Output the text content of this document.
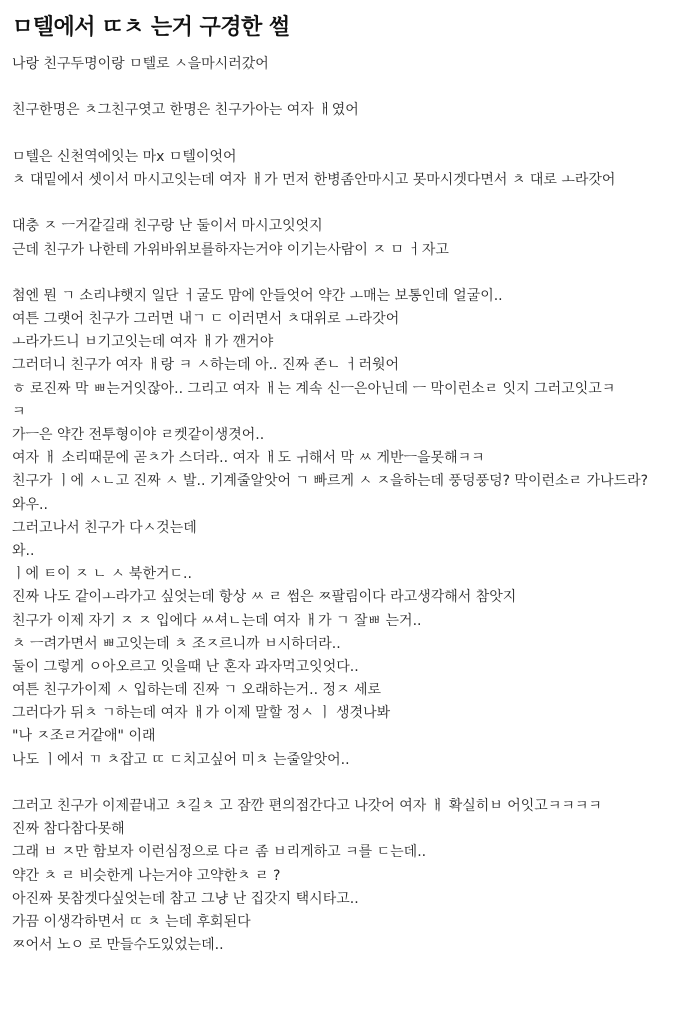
ㅁ텔에서 ㄸㅊ 는거 구경한 썰
나랑 친구두명이랑 ㅁ텔로 ㅅ을마시러갔어
친구한명은 ㅊ그친구엿고 한명은 친구가아는 여자 ㅐ였어
ㅁ텔은 신천역에잇는 마x ㅁ텔이엇어
ㅊ 대밑에서 셋이서 마시고잇는데 여자 ㅐ가 먼저 한병좀안마시고 못마시겟다면서 ㅊ 대로 ㅗ라갓어
대충 ㅈ ㅡ거같길래 친구랑 난 둘이서 마시고잇엇지
근데 친구가 나한테 가위바위보를하자는거야 이기는사람이 ㅈ ㅁ ㅓ자고
첨엔 뭔 ㄱ 소리냐햇지 일단 ㅓ굴도 맘에 안들엇어 약간 ㅗ매는 보통인데 얼굴이..
여튼 그랫어 친구가 그러면 내ㄱ ㄷ 이러면서 ㅊ대위로 ㅗ라갓어
ㅗ라가드니 ㅂ기고잇는데 여자 ㅐ가 깬거야
그러더니 친구가 여자 ㅐ랑 ㅋ ㅅ하는데 아.. 진짜 존ㄴ ㅓ러웟어
ㅎ 로진짜 막 ㅃ는거잇잖아.. 그리고 여자 ㅐ는 계속 신ㅡ은아닌데 ㅡ 막이런소ㄹ 잇지 그러고잇고ㅋ
ㅋ
가ㅡ은 약간 전투형이야 ㄹ켓같이생겻어..
여자 ㅐ 소리때문에 곧ㅊ가 스더라.. 여자 ㅐ도 ㅟ해서 막 ㅆ 게반ㅡ을못해ㅋㅋ
친구가 ㅣ에 ㅅㄴ고 진짜 ㅅ 발.. 기계줄알앗어 ㄱ 빠르게 ㅅ ㅈ을하는데 풍덩풍덩? 막이런소ㄹ 가나드라?
와우..
그러고나서 친구가 다ㅅ것는데
와..
ㅣ에 ㅌ이 ㅈ ㄴ ㅅ 북한거ㄷ..
진짜 나도 같이ㅗ라가고 싶엇는데 항상 ㅆ ㄹ 썸은 ㅉ팔림이다 라고생각해서 참앗지
친구가 이제 자기 ㅈ ㅈ 입에다 ㅆ셔ㄴ는데 여자 ㅐ가 ㄱ 잘ㅃ 는거..
ㅊ ㅡ려가면서 ㅃ고잇는데 ㅊ 조ㅈ르니까 ㅂ시하더라..
둘이 그렇게 ㅇ아오르고 잇을때 난 혼자 과자먹고잇엇다..
여튼 친구가이제 ㅅ 입하는데 진짜 ㄱ 오래하는거.. 정ㅈ 세로
그러다가 뒤ㅊ ㄱ하는데 여자 ㅐ가 이제 말할 정ㅅ ㅣ 생겻나봐
"나 ㅈ조ㄹ거같애" 이래
나도 ㅣ에서 ㄲ ㅊ잡고 ㄸ ㄷ치고싶어 미ㅊ 는줄알앗어..
그러고 친구가 이제끝내고 ㅊ길ㅊ 고 잠깐 편의점간다고 나갓어 여자 ㅐ 확실히ㅂ 어잇고ㅋㅋㅋㅋ
진짜 참다참다못해
그래 ㅂ ㅈ만 함보자 이런심정으로 다ㄹ 좀 ㅂ리게하고 ㅋ를 ㄷ는데..
약간 ㅊ ㄹ 비슷한게 나는거야 고약한ㅊ ㄹ ?
아진짜 못참겟다싶엇는데 참고 그냥 난 집갓지 택시타고..
가끔 이생각하면서 ㄸ ㅊ 는데 후회된다
ㅉ어서 노ㅇ 로 만들수도있었는데..
